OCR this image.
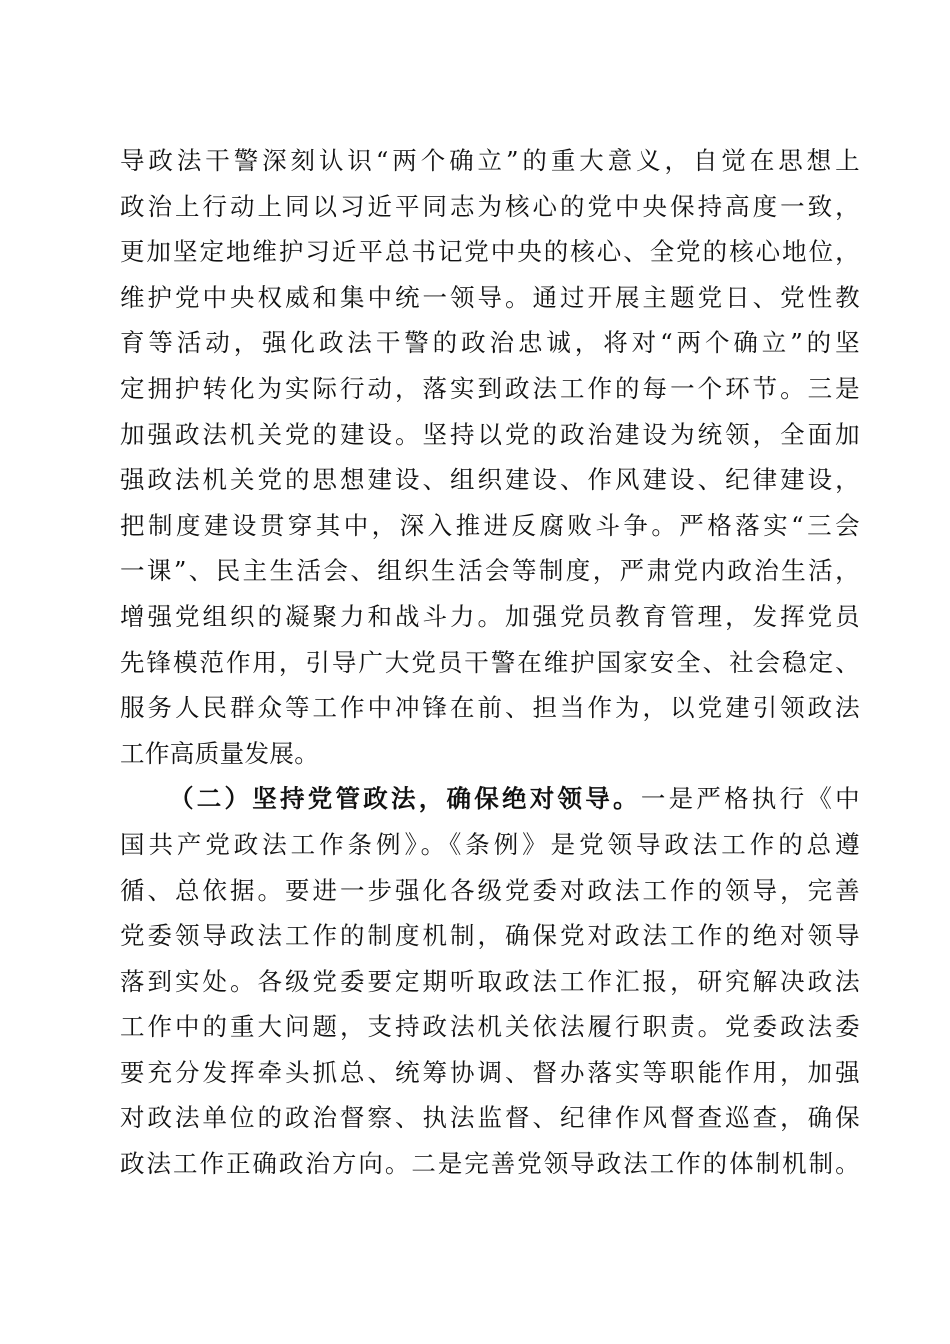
导政法干警深刻认识“两个确立”的重大意义，自觉在思想上
政治上行动上同以习近平同志为核心的党中央保持高度一致，
更加坚定地维护习近平总书记党中央的核心、全党的核心地位，
维护党中央权威和集中统一领导。通过开展主题党日、党性教
育等活动，强化政法干警的政治忠诚，将对“两个确立”的坚
定拥护转化为实际行动，落实到政法工作的每一个环节。三是
加强政法机关党的建设。坚持以党的政治建设为统领，全面加
强政法机关党的思想建设、组织建设、作风建设、纪律建设，
把制度建设贯穿其中，深入推进反腐败斗争。严格落实“三会
一课”、民主生活会、组织生活会等制度，严肃党内政治生活，
增强党组织的凝聚力和战斗力。加强党员教育管理，发挥党员
先锋模范作用，引导广大党员干警在维护国家安全、社会稳定、
服务人民群众等工作中冲锋在前、担当作为，以党建引领政法
工作高质量发展。
（二）坚持党管政法，确保绝对领导。一是严格执行《中
国共产党政法工作条例》。《条例》是党领导政法工作的总遵
循、总依据。要进一步强化各级党委对政法工作的领导，完善
党委领导政法工作的制度机制，确保党对政法工作的绝对领导
落到实处。各级党委要定期听取政法工作汇报，研究解决政法
工作中的重大问题，支持政法机关依法履行职责。党委政法委
要充分发挥牵头抓总、统筹协调、督办落实等职能作用，加强
对政法单位的政治督察、执法监督、纪律作风督查巡查，确保
政法工作正确政治方向。二是完善党领导政法工作的体制机制。
